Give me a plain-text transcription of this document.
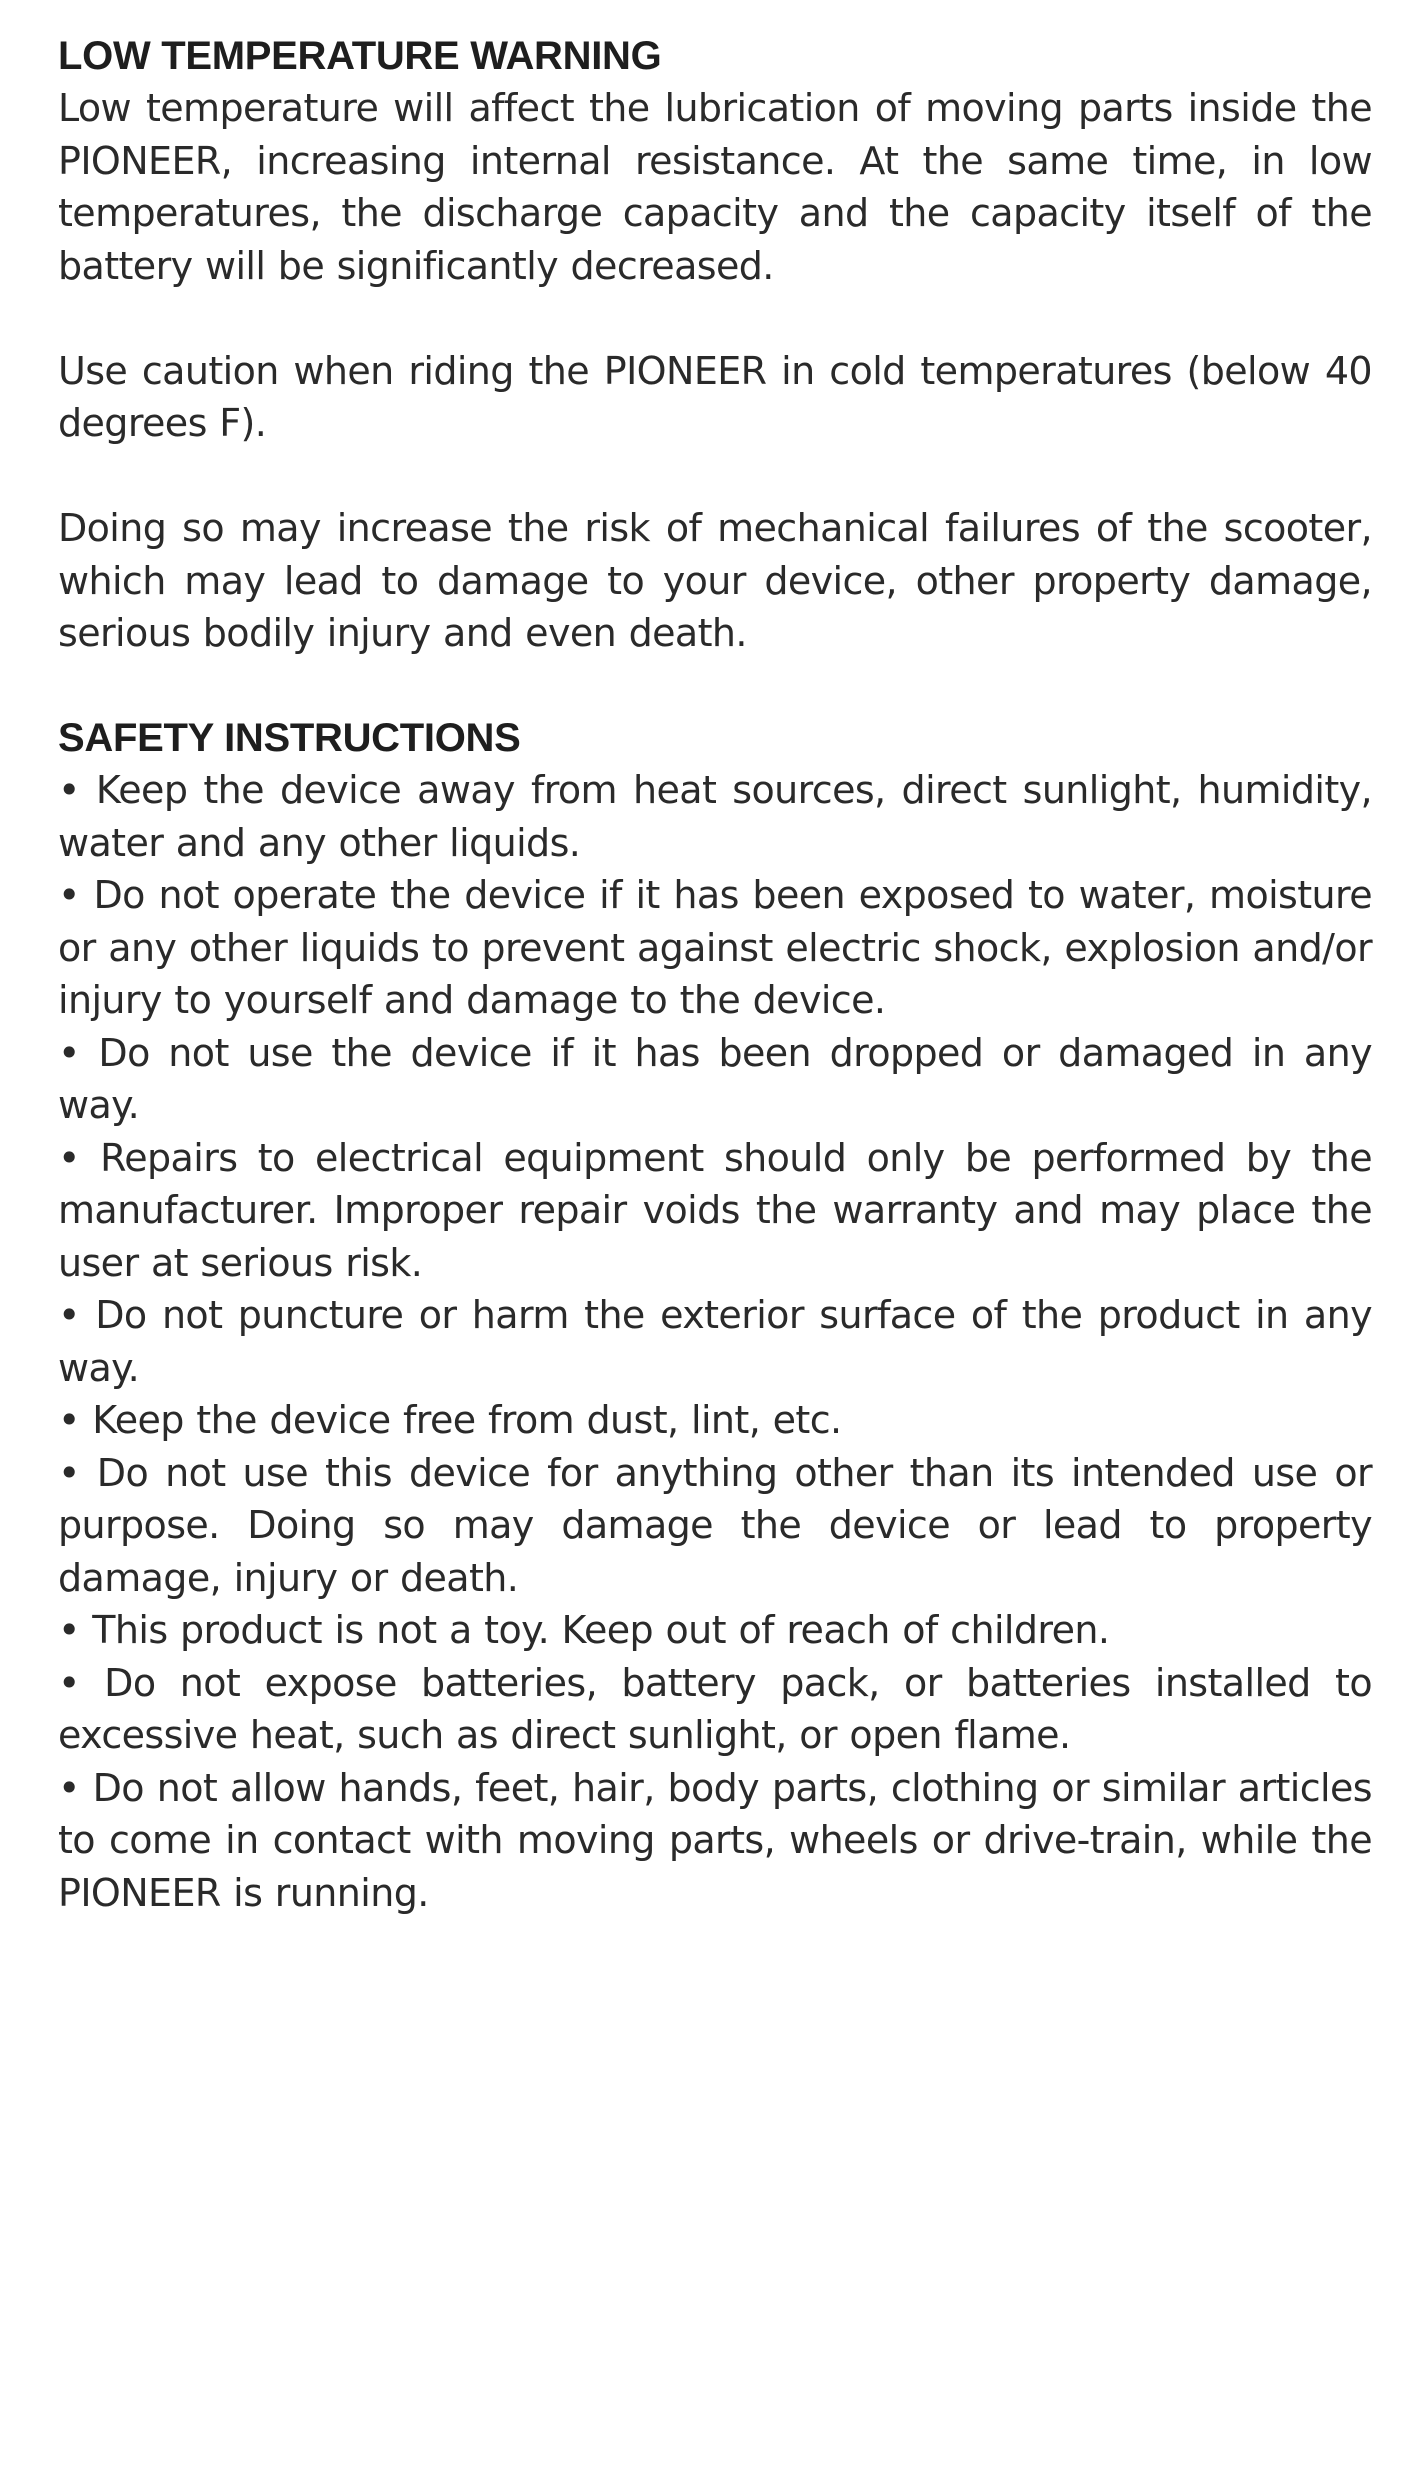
LOW TEMPERATURE WARNING

Low temperature will affect the lubrication of moving parts inside the PIONEER, increasing internal resistance. At the same time, in low temperatures, the discharge capacity and the capacity itself of the battery will be significantly decreased.

Use caution when riding the PIONEER in cold temperatures (below 40 degrees F).

Doing so may increase the risk of mechanical failures of the scooter, which may lead to damage to your device, other property damage, serious bodily injury and even death.

SAFETY INSTRUCTIONS
• Keep the device away from heat sources, direct sunlight, humidity, water and any other liquids.
• Do not operate the device if it has been exposed to water, moisture or any other liquids to prevent against electric shock, explosion and/or injury to yourself and damage to the device.
• Do not use the device if it has been dropped or damaged in any way.
• Repairs to electrical equipment should only be performed by the manufacturer. Improper repair voids the warranty and may place the user at serious risk.
• Do not puncture or harm the exterior surface of the product in any way.
• Keep the device free from dust, lint, etc.
• Do not use this device for anything other than its intended use or purpose. Doing so may damage the device or lead to property damage, injury or death.
• This product is not a toy. Keep out of reach of children.
• Do not expose batteries, battery pack, or batteries installed to excessive heat, such as direct sunlight, or open flame.
• Do not allow hands, feet, hair, body parts, clothing or similar articles to come in contact with moving parts, wheels or drive-train, while the PIONEER is running.
